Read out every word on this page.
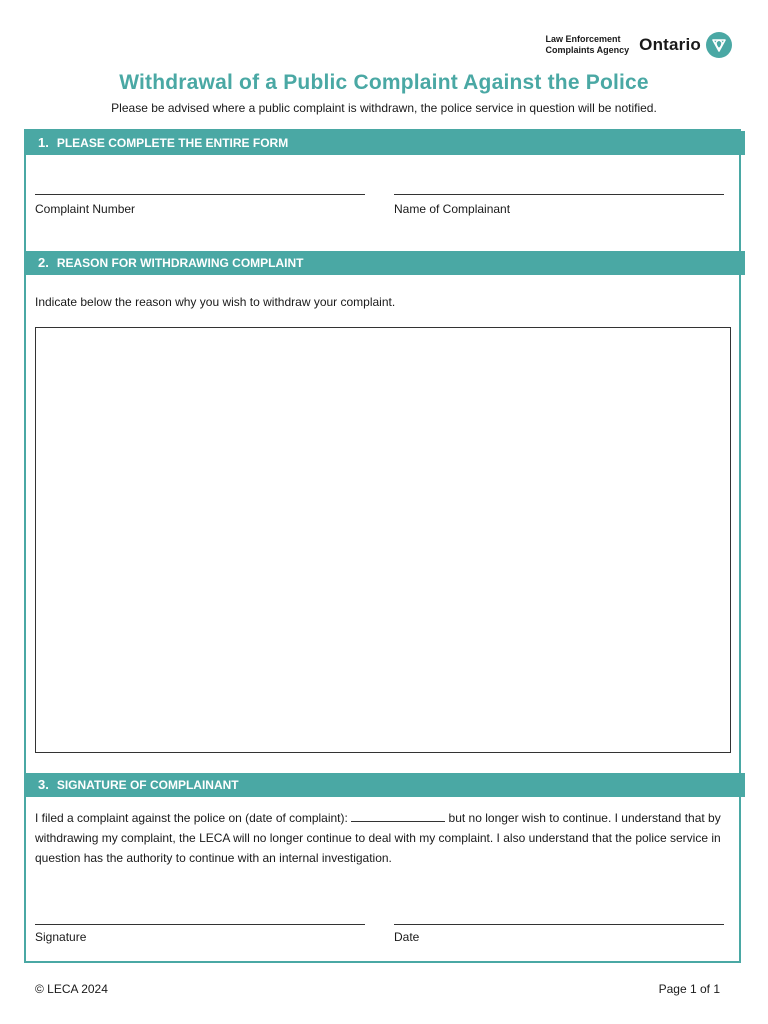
Law Enforcement
Complaints Agency Ontario
Withdrawal of a Public Complaint Against the Police
Please be advised where a public complaint is withdrawn, the police service in question will be notified.
1. PLEASE COMPLETE THE ENTIRE FORM
Complaint Number	Name of Complainant
2. REASON FOR WITHDRAWING COMPLAINT
Indicate below the reason why you wish to withdraw your complaint.
3. SIGNATURE OF COMPLAINANT
I filed a complaint against the police on (date of complaint):	but no longer wish to continue. I understand that by withdrawing my complaint, the LECA will no longer continue to deal with my complaint. I also understand that the police service in question has the authority to continue with an internal investigation.
Signature	Date
© LECA 2024	Page 1 of 1
